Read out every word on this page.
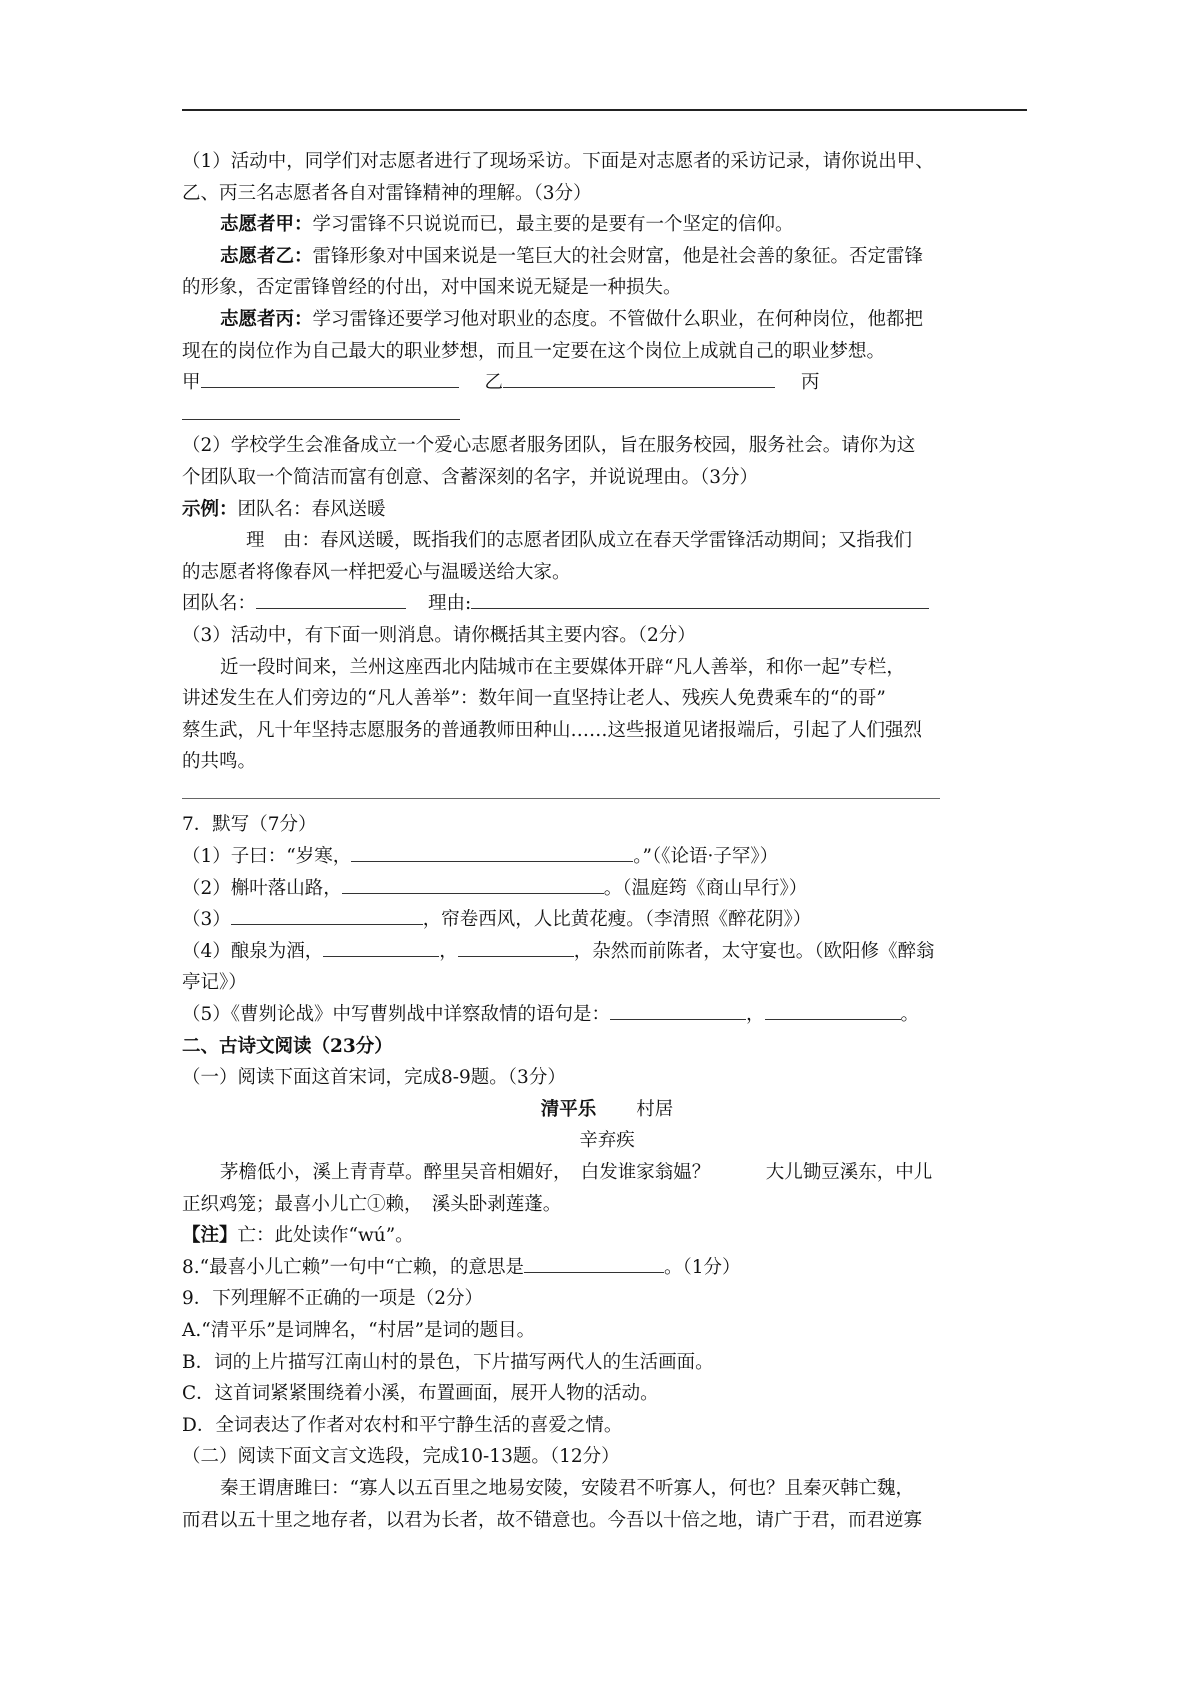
（1）活动中，同学们对志愿者进行了现场采访。下面是对志愿者的采访记录，请你说出甲、
乙、丙三名志愿者各自对雷锋精神的理解。（3分）
志愿者甲：学习雷锋不只说说而已，最主要的是要有一个坚定的信仰。
志愿者乙：雷锋形象对中国来说是一笔巨大的社会财富，他是社会善的象征。否定雷锋
的形象，否定雷锋曾经的付出，对中国来说无疑是一种损失。
志愿者丙：学习雷锋还要学习他对职业的态度。不管做什么职业，在何种岗位，他都把
现在的岗位作为自己最大的职业梦想，而且一定要在这个岗位上成就自己的职业梦想。
甲	乙	丙
（2）学校学生会准备成立一个爱心志愿者服务团队，旨在服务校园，服务社会。请你为这
个团队取一个简洁而富有创意、含蓄深刻的名字，并说说理由。（3分）
示例：团队名：春风送暖
理　由：春风送暖，既指我们的志愿者团队成立在春天学雷锋活动期间；又指我们
的志愿者将像春风一样把爱心与温暖送给大家。
团队名：	理由:
（3）活动中，有下面一则消息。请你概括其主要内容。（2分）
近一段时间来，兰州这座西北内陆城市在主要媒体开辟“凡人善举，和你一起”专栏，
讲述发生在人们旁边的“凡人善举”：数年间一直坚持让老人、残疾人免费乘车的“的哥”
蔡生武，凡十年坚持志愿服务的普通教师田种山……这些报道见诸报端后，引起了人们强烈
的共鸣。
7．默写（7分）
（1）子曰：“岁寒，	。”（《论语·子罕》）
（2）槲叶落山路，	。（温庭筠《商山早行》）
（3）	，帘卷西风，人比黄花瘦。（李清照《醉花阴》）
（4）酿泉为酒，	，	，杂然而前陈者，太守宴也。（欧阳修《醉翁
亭记》）
（5）《曹刿论战》中写曹刿战中详察敌情的语句是：	，	。
二、古诗文阅读（23分）
（一）阅读下面这首宋词，完成8-9题。（3分）
清平乐 村居
辛弃疾
茅檐低小，溪上青青草。醉里吴音相媚好，　白发谁家翁媪？　　　大儿锄豆溪东，中儿
正织鸡笼；最喜小儿亡①赖，　溪头卧剥莲蓬。
【注】亡：此处读作“wú”。
8.“最喜小儿亡赖”一句中“亡赖，的意思是	。（1分）
9．下列理解不正确的一项是（2分）
A.“清平乐”是词牌名，“村居”是词的题目。
B．词的上片描写江南山村的景色，下片描写两代人的生活画面。
C．这首词紧紧围绕着小溪，布置画面，展开人物的活动。
D．全词表达了作者对农村和平宁静生活的喜爱之情。
（二）阅读下面文言文选段，完成10-13题。（12分）
秦王谓唐雎曰：“寡人以五百里之地易安陵，安陵君不听寡人，何也？且秦灭韩亡魏，
而君以五十里之地存者，以君为长者，故不错意也。今吾以十倍之地，请广于君，而君逆寡
